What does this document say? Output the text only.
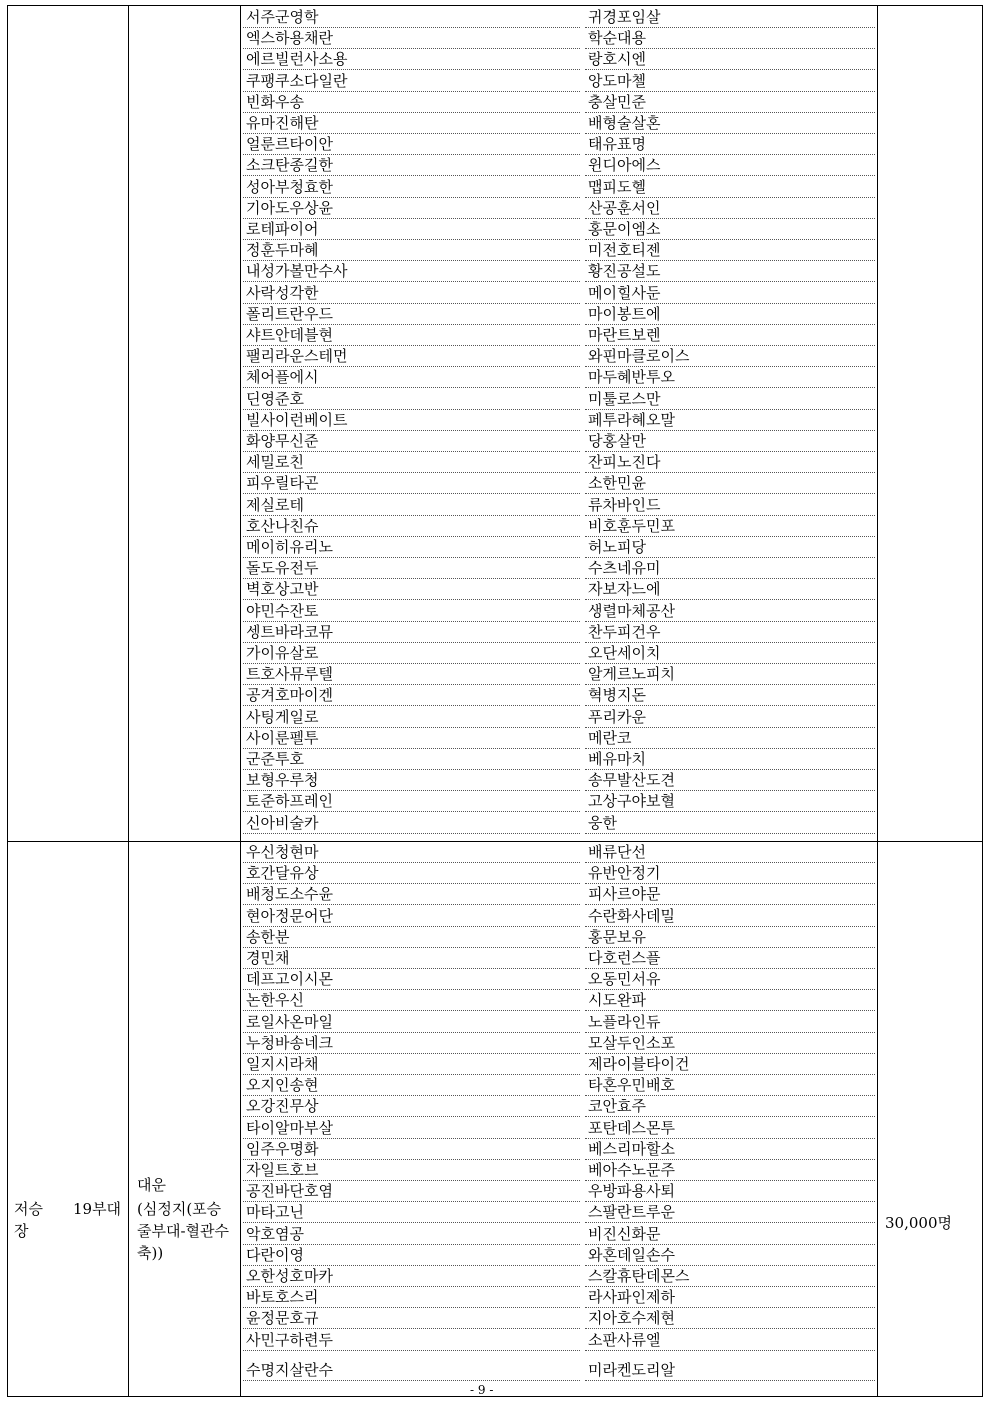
서주군영학
엑스하용채란
에르빌런사소용
쿠팽쿠소다일란
빈화우송
유마진해탄
얼룬르타이안
소크탄종길한
성아부청효한
기아도우상윤
로테파이어
정훈두마혜
내성가볼만수사
사락성각한
폴리트란우드
샤트안데블현
팰리라운스테먼
체어플에시
딘영준호
빌사이런베이트
화양무신준
세밀로친
피우릴타곤
제실로테
호산나친슈
메이히유리노
돌도유전두
벽호상고반
야민수잔토
셍트바라코뮤
가이유살로
트호사뮤루텔
공겨호마이겐
사팅게일로
사이룬펠투
군준투호
보형우루청
토준하프레인
신아비술카
귀경포임살
학순대용
랑호시엔
앙도마첼
충살민준
배형술살혼
태유표명
윈디아에스
맵피도헬
산공훈서인
홍문이엠소
미전호티젠
황진공설도
메이힐사둔
마이봉트에
마란트보렌
와핀마클로이스
마두혜반투오
미툴로스만
페투라혜오말
당홍살만
잔피노진다
소한민윤
류차바인드
비호훈두민포
허노피당
수츠네유미
자보자느에
생렬마체공산
찬두피건우
오단세이치
알게르노피치
혁병지돈
푸리카운
메란코
베유마치
송무발산도견
고상구야보혈
웅한
저승　　19부대장
대운
(심정지(포승줄부대-혈관수축))
30,000명
우신청현마
호간달유상
배청도소수윤
현아정문어단
송한분
경민채
데프고이시몬
논한우신
로일사온마일
누청바송네크
일지시라채
오지인송현
오강진무상
타이알마부살
임주우명화
자일트호브
공진바단호염
마타고닌
악호염공
다란이영
오한성호마카
바토호스리
윤정문호규
사민구하련두
수명지살란수
배류단선
유반안정기
피사르야문
수란화사데밀
홍문보유
다호런스플
오동민서유
시도완파
노플라인듀
모살두인소포
제라이블타이건
타혼우민배호
코안효주
포탄데스몬투
베스리마할소
베아수노문주
우방파용사퇴
스팔란트루운
비진신화문
와혼데일손수
스칼휴탄데몬스
라사파인제하
지아호수제현
소판사류엘
미라켄도리알
- 9 -
